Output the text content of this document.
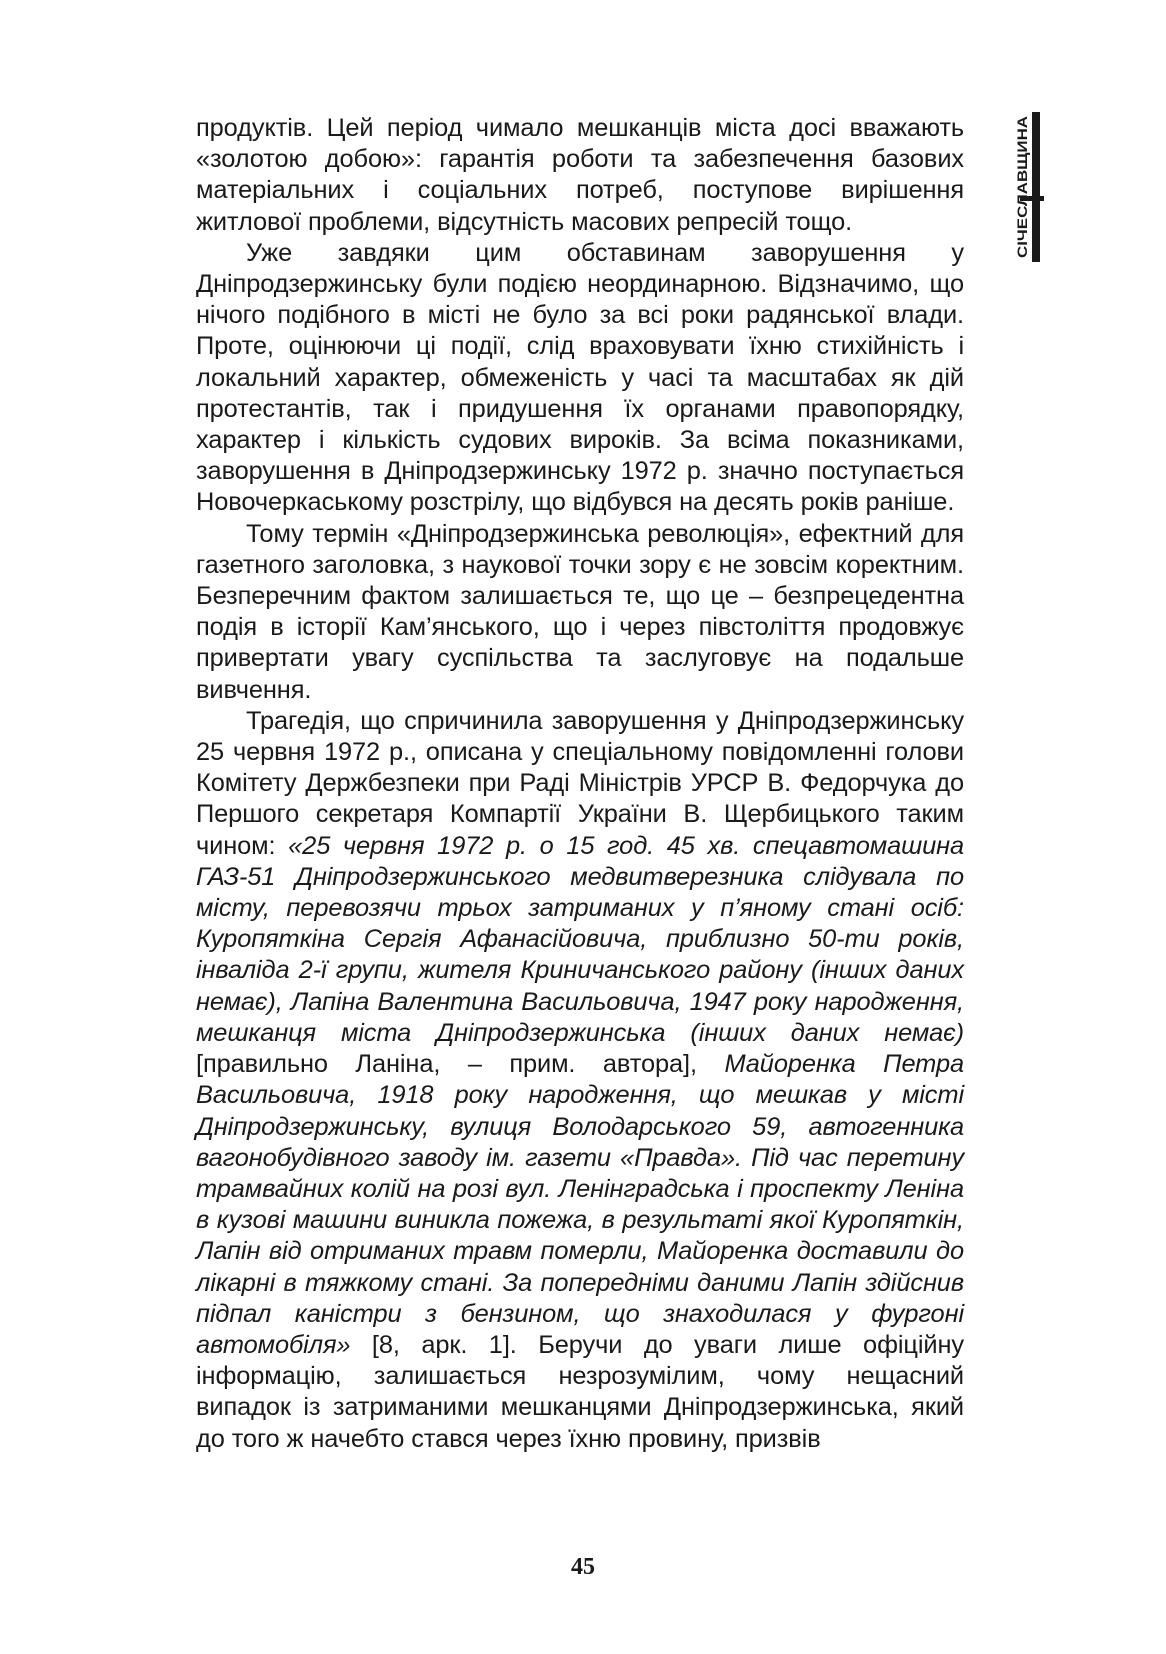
СІЧЕСЛАВЩИНА

продуктів. Цей період чимало мешканців міста досі вважають «золотою добою»: гарантія роботи та забезпечення базових матеріальних і соціальних потреб, поступове вирішення житлової проблеми, відсутність масових репресій тощо.

Уже завдяки цим обставинам заворушення у Дніпродзержинську були подією неординарною. Відзначимо, що нічого подібного в місті не було за всі роки радянської влади. Проте, оцінюючи ці події, слід враховувати їхню стихійність і локальний характер, обмеженість у часі та масштабах як дій протестантів, так і придушення їх органами правопорядку, характер і кількість судових вироків. За всіма показниками, заворушення в Дніпродзержинську 1972 р. значно поступається Новочеркаському розстрілу, що відбувся на десять років раніше.

Тому термін «Дніпродзержинська революція», ефектний для газетного заголовка, з наукової точки зору є не зовсім коректним. Безперечним фактом залишається те, що це – безпрецедентна подія в історії Кам’янського, що і через півстоліття продовжує привертати увагу суспільства та заслуговує на подальше вивчення.

Трагедія, що спричинила заворушення у Дніпродзержинську 25 червня 1972 р., описана у спеціальному повідомленні голови Комітету Держбезпеки при Раді Міністрів УРСР В. Федорчука до Першого секретаря Компартії України В. Щербицького таким чином: «25 червня 1972 р. о 15 год. 45 хв. спецавтомашина ГАЗ-51 Дніпродзержинського медвитверезника слідувала по місту, перевозячи трьох затриманих у п’яному стані осіб: Куропяткіна Сергія Афанасійовича, приблизно 50-ти років, інваліда 2-ї групи, жителя Криничанського району (інших даних немає), Лапіна Валентина Васильовича, 1947 року народження, мешканця міста Дніпродзержинська (інших даних немає) [правильно Ланіна, – прим. автора], Майоренка Петра Васильовича, 1918 року народження, що мешкав у місті Дніпродзержинську, вулиця Володарського 59, автогенника вагонобудівного заводу ім. газети «Правда». Під час перетину трамвайних колій на розі вул. Ленінградська і проспекту Леніна в кузові машини виникла пожежа, в результаті якої Куропяткін, Лапін від отриманих травм померли, Майоренка доставили до лікарні в тяжкому стані. За попередніми даними Лапін здійснив підпал каністри з бензином, що знаходилася у фургоні автомобіля» [8, арк. 1]. Беручи до уваги лише офіційну інформацію, залишається незрозумілим, чому нещасний випадок із затриманими мешканцями Дніпродзержинська, який до того ж начебто стався через їхню провину, призвів

45
